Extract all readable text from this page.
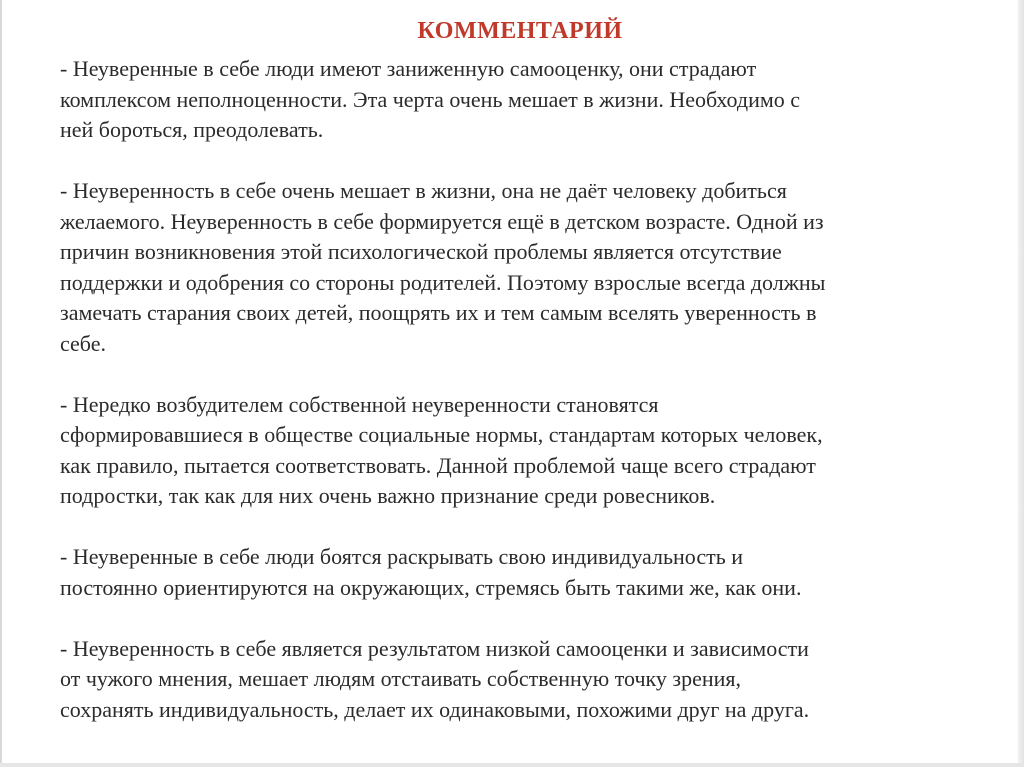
КОММЕНТАРИЙ
- Неуверенные в себе люди имеют заниженную самооценку, они страдают
комплексом неполноценности. Эта черта очень мешает в жизни. Необходимо с
ней бороться, преодолевать.
- Неуверенность в себе очень мешает в жизни, она не даёт человеку добиться
желаемого. Неуверенность в себе формируется ещё в детском возрасте. Одной из
причин возникновения этой психологической проблемы является отсутствие
поддержки и одобрения со стороны родителей. Поэтому взрослые всегда должны
замечать старания своих детей, поощрять их и тем самым вселять уверенность в
себе.
- Нередко возбудителем собственной неуверенности становятся
сформировавшиеся в обществе социальные нормы, стандартам которых человек,
как правило, пытается соответствовать. Данной проблемой чаще всего страдают
подростки, так как для них очень важно признание среди ровесников.
- Неуверенные в себе люди боятся раскрывать свою индивидуальность и
постоянно ориентируются на окружающих, стремясь быть такими же, как они.
- Неуверенность в себе является результатом низкой самооценки и зависимости
от чужого мнения, мешает людям отстаивать собственную точку зрения,
сохранять индивидуальность, делает их одинаковыми, похожими друг на друга.
